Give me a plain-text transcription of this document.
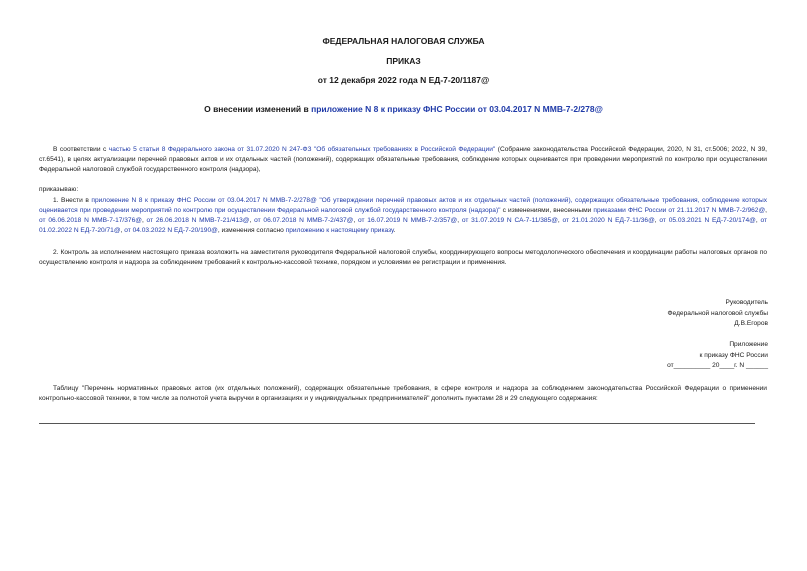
ФЕДЕРАЛЬНАЯ НАЛОГОВАЯ СЛУЖБА
ПРИКАЗ
от 12 декабря 2022 года N ЕД-7-20/1187@
О внесении изменений в приложение N 8 к приказу ФНС России от 03.04.2017 N ММВ-7-2/278@
В соответствии с частью 5 статьи 8 Федерального закона от 31.07.2020 N 247-ФЗ "Об обязательных требованиях в Российской Федерации" (Собрание законодательства Российской Федерации, 2020, N 31, ст.5006; 2022, N 39, ст.6541), в целях актуализации перечней правовых актов и их отдельных частей (положений), содержащих обязательные требования, соблюдение которых оценивается при проведении мероприятий по контролю при осуществлении Федеральной налоговой службой государственного контроля (надзора),
приказываю:
1. Внести в приложение N 8 к приказу ФНС России от 03.04.2017 N ММВ-7-2/278@ "Об утверждении перечней правовых актов и их отдельных частей (положений), содержащих обязательные требования, соблюдение которых оценивается при проведении мероприятий по контролю при осуществлении Федеральной налоговой службой государственного контроля (надзора)" с изменениями, внесенными приказами ФНС России от 21.11.2017 N ММВ-7-2/962@, от 06.06.2018 N ММВ-7-17/376@, от 26.06.2018 N ММВ-7-21/413@, от 06.07.2018 N ММВ-7-2/437@, от 16.07.2019 N ММВ-7-2/357@, от 31.07.2019 N СА-7-11/385@, от 21.01.2020 N ЕД-7-11/36@, от 05.03.2021 N ЕД-7-20/174@, от 01.02.2022 N ЕД-7-20/71@, от 04.03.2022 N ЕД-7-20/190@, изменения согласно приложению к настоящему приказу.
2. Контроль за исполнением настоящего приказа возложить на заместителя руководителя Федеральной налоговой службы, координирующего вопросы методологического обеспечения и координации работы налоговых органов по осуществлению контроля и надзора за соблюдением требований к контрольно-кассовой технике, порядком и условиями ее регистрации и применения.
Руководитель
Федеральной налоговой службы
Д.В.Егоров
Приложение
к приказу ФНС России
от__________ 20____г. N ______
Таблицу "Перечень нормативных правовых актов (их отдельных положений), содержащих обязательные требования, в сфере контроля и надзора за соблюдением законодательства Российской Федерации о применении контрольно-кассовой техники, в том числе за полнотой учета выручки в организациях и у индивидуальных предпринимателей" дополнить пунктами 28 и 29 следующего содержания:
